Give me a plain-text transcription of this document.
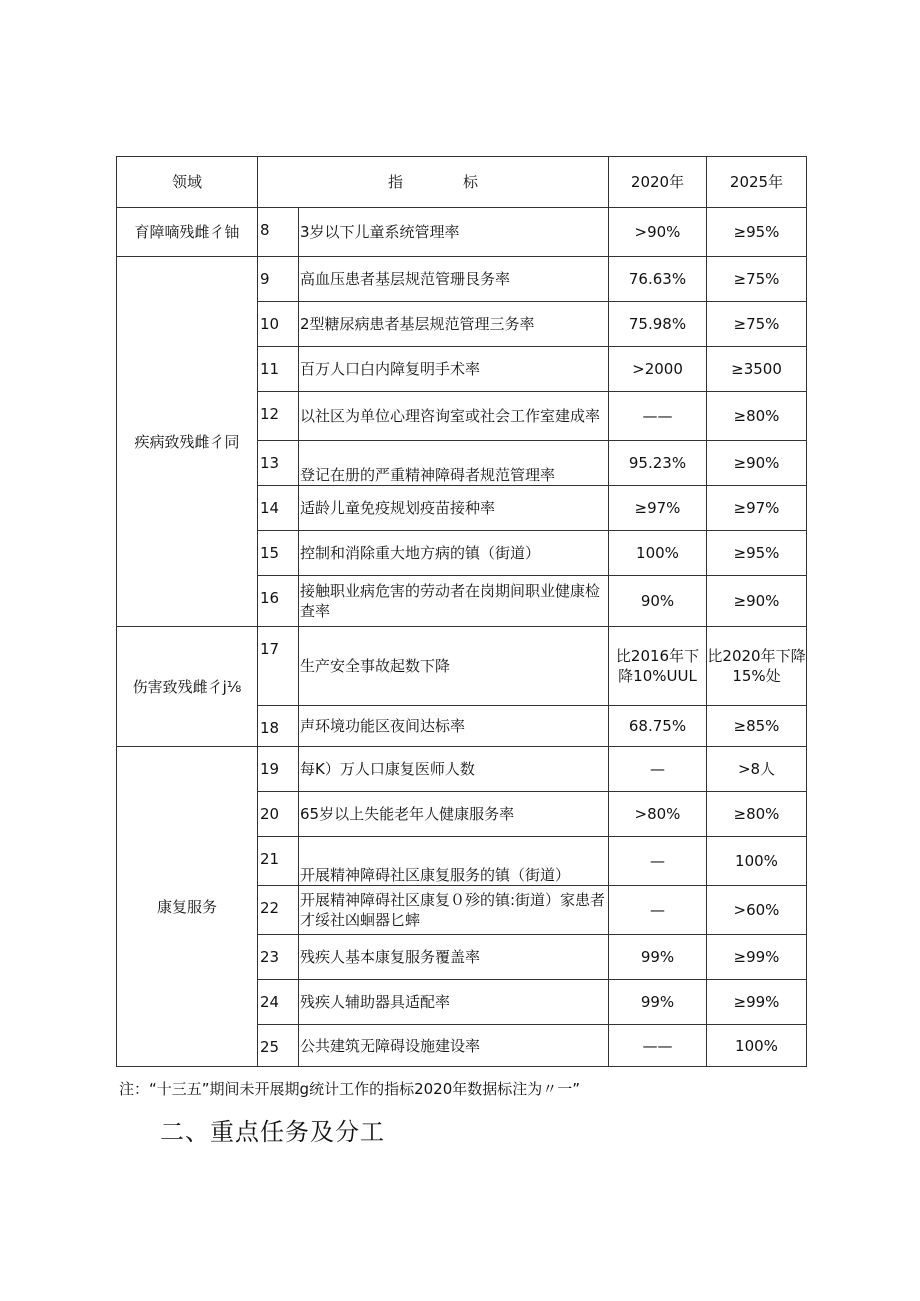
领域	指标		2020年	2025年
育障嘀残雌彳铀	8	3岁以下儿童系统管理率	>90%	≥95%
疾病致残雌彳同	9	高血压患者基层规范管珊艮务率	76.63%	≥75%
	10	2型糖尿病患者基层规范管理三务率	75.98%	≥75%
	11	百万人口白内障复明手术率	>2000	≥3500
	12	以社区为单位心理咨询室或社会工作室建成率	——	≥80%
	13	登记在册的严重精神障碍者规范管理率	95.23%	≥90%
	14	适龄儿童免疫规划疫苗接种率	≥97%	≥97%
	15	控制和消除重大地方病的镇（街道）	100%	≥95%
	16	接触职业病危害的劳动者在岗期间职业健康检查率	90%	≥90%
伤害致残雌彳j⅛	17	生产安全事故起数下降	比2016年下降10%UUL	比2020年下降15%处
	18	声环境功能区夜间达标率	68.75%	≥85%
康复服务	19	每K）万人口康复医师人数	—	>8人
	20	65岁以上失能老年人健康服务率	>80%	≥80%
	21	开展精神障碍社区康复服务的镇（街道）	—	100%
	22	开展精神障碍社区康复０殄的镇:街道）家患者才绥社凶蛔器匕蟀	—	>60%
	23	残疾人基本康复服务覆盖率	99%	≥99%
	24	残疾人辅助器具适配率	99%	≥99%
	25	公共建筑无障碍设施建设率	——	100%
注：“十三五”期间未开展期g统计工作的指标2020年数据标注为〃一”
二、重点任务及分工
